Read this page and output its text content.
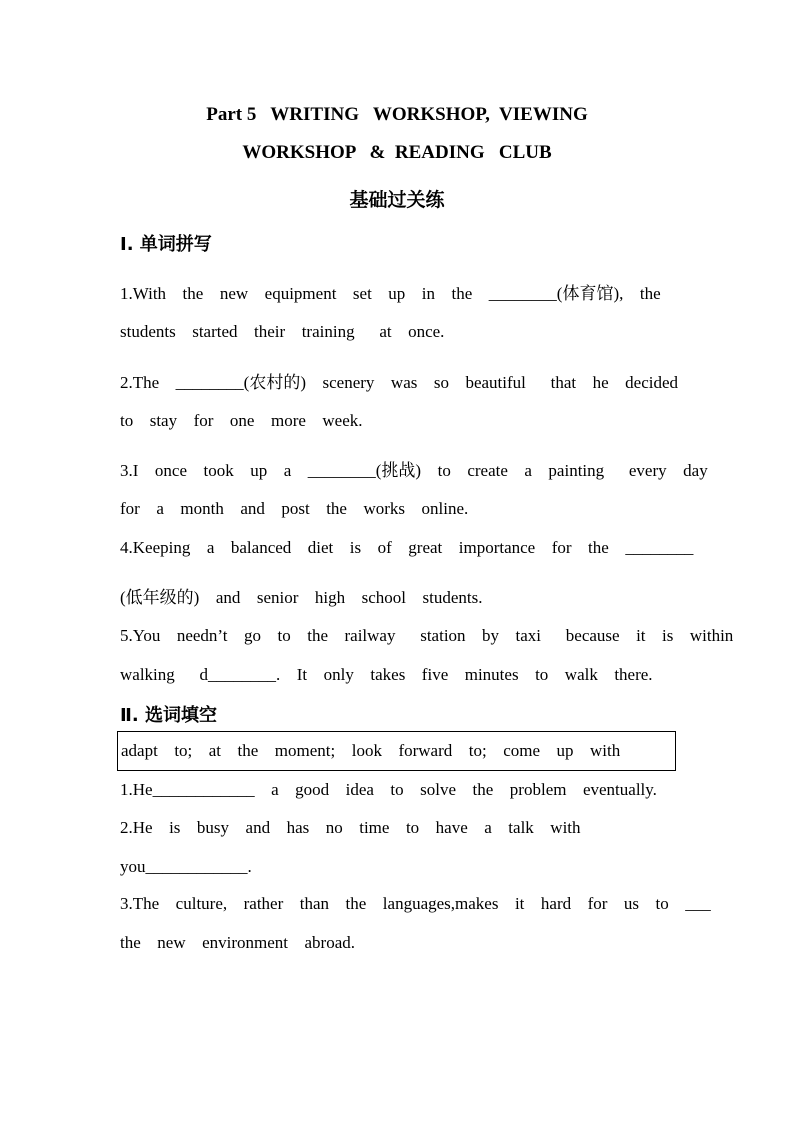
Part 5   WRITING   WORKSHOP,  VIEWING
WORKSHOP   &  READING   CLUB
基础过关练
Ⅰ. 单词拼写
1.With  the  new  equipment  set  up  in  the  ________(体育馆),  the
students  started  their  training   at  once.
2.The  ________(农村的)  scenery  was  so  beautiful   that  he  decided
to  stay  for  one  more  week.
3.I  once  took  up  a  ________(挑战)  to  create  a  painting   every  day
for  a  month  and  post  the  works  online.
4.Keeping  a  balanced  diet  is  of  great  importance  for  the  ________
(低年级的)  and  senior  high  school  students.
5.You  needn’t  go  to  the  railway   station  by  taxi   because  it  is  within
walking   d________.  It  only  takes  five  minutes  to  walk  there.
Ⅱ. 选词填空
adapt  to;  at  the  moment;  look  forward  to;  come  up  with
1.He____________  a  good  idea  to  solve  the  problem  eventually.
2.He  is  busy  and  has  no  time  to  have  a  talk  with
you____________.
3.The  culture,  rather  than  the  languages,makes  it  hard  for  us  to  ___
the  new  environment  abroad.
